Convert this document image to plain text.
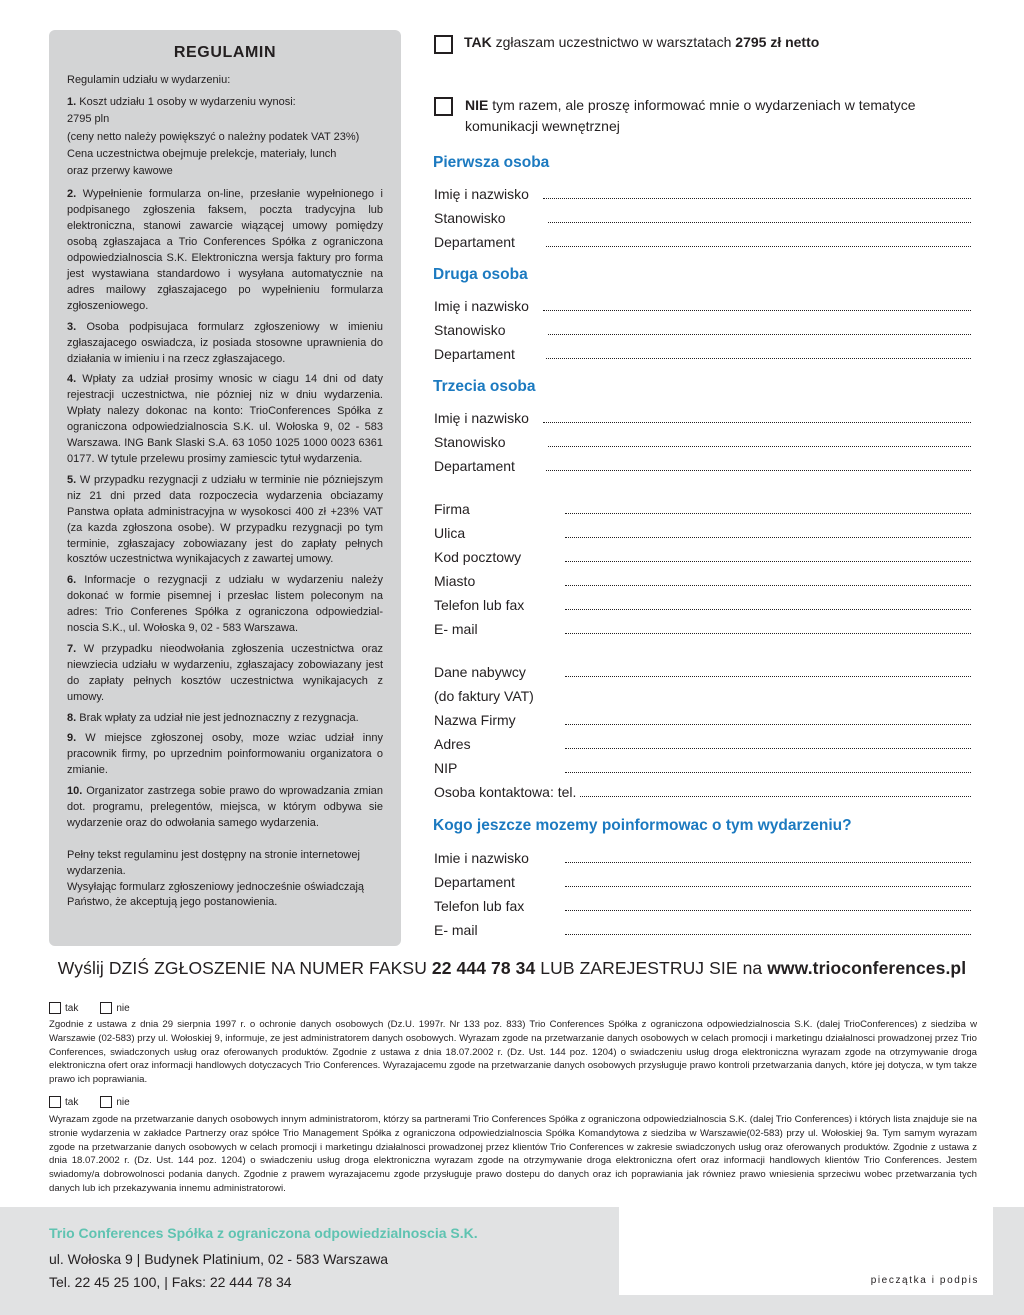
REGULAMIN
Regulamin udziału w wydarzeniu:
1. Koszt udziału 1 osoby w wydarzeniu wynosi:
2795 pln
(ceny netto należy powiększyć o należny podatek VAT 23%)
Cena uczestnictwa obejmuje prelekcje, materiały, lunch
oraz przerwy kawowe
2. Wypełnienie formularza on-line, przesłanie wypełnionego i podpisanego zgłoszenia faksem, poczta tradycyjna lub elektroniczna, stanowi zawarcie wiązącej umowy pomiędzy osobą zgłaszajaca a Trio Conferences Spółka z ograniczona odpowiedzialnoscia S.K. Elektroniczna wersja faktury pro forma jest wystawiana standardowo i wysyłana automatycznie na adres mailowy zgłaszajacego po wypełnieniu formularza zgłoszeniowego.
3. Osoba podpisujaca formularz zgłoszeniowy w imieniu zgłaszajacego oswiadcza, iz posiada stosowne uprawnienia do działania w imieniu i na rzecz zgłaszajacego.
4. Wpłaty za udział prosimy wnosic w ciagu 14 dni od daty rejestracji uczestnictwa, nie pózniej niz w dniu wydarzenia. Wpłaty nalezy dokonac na konto: TrioConferences Spółka z ograniczona odpowiedzialnoscia S.K. ul. Wołoska 9, 02 - 583 Warszawa. ING Bank Slaski S.A. 63 1050 1025 1000 0023 6361 0177. W tytule przelewu prosimy zamiescic tytuł wydarzenia.
5. W przypadku rezygnacji z udziału w terminie nie pózniejszym niz 21 dni przed data rozpoczecia wydarzenia obciazamy Panstwa opłata administracyjna w wysokosci 400 zł +23% VAT (za kazda zgłoszona osobe). W przypadku rezygnacji po tym terminie, zgłaszajacy zobowiazany jest do zapłaty pełnych kosztów uczestnictwa wynikajacych z zawartej umowy.
6. Informacje o rezygnacji z udziału w wydarzeniu należy dokonać w formie pisemnej i przesłac listem poleconym na adres: Trio Conferenes Spółka z ograniczona odpowiedzialnoscia S.K., ul. Wołoska 9, 02 - 583 Warszawa.
7. W przypadku nieodwołania zgłoszenia uczestnictwa oraz niewziecia udziału w wydarzeniu, zgłaszajacy zobowiazany jest do zapłaty pełnych kosztów uczestnictwa wynikajacych z umowy.
8. Brak wpłaty za udział nie jest jednoznaczny z rezygnacja.
9. W miejsce zgłoszonej osoby, moze wziac udział inny pracownik firmy, po uprzednim poinformowaniu organizatora o zmianie.
10. Organizator zastrzega sobie prawo do wprowadzania zmian dot. programu, prelegentów, miejsca, w którym odbywa sie wydarzenie oraz do odwołania samego wydarzenia.
Pełny tekst regulaminu jest dostępny na stronie internetowej
wydarzenia.
Wysyłając formularz zgłoszeniowy jednocześnie oświadczają
Państwo, że akceptują jego postanowienia.
TAK zgłaszam uczestnictwo w warsztatach 2795 zł netto
NIE tym razem, ale proszę informować mnie o wydarzeniach w tematyce
komunikacji wewnętrznej
Pierwsza osoba
Imię i nazwisko
Stanowisko
Departament
Druga osoba
Imię i nazwisko
Stanowisko
Departament
Trzecia osoba
Imię i nazwisko
Stanowisko
Departament
Firma
Ulica
Kod pocztowy
Miasto
Telefon lub fax
E- mail
Dane nabywcy
(do faktury VAT)
Nazwa Firmy
Adres
NIP
Osoba kontaktowa: tel.
Kogo jeszcze mozemy poinformowac o tym wydarzeniu?
Imie i nazwisko
Departament
Telefon lub fax
E- mail
Wyślij DZIŚ ZGŁOSZENIE NA NUMER FAKSU 22 444 78 34 LUB ZAREJESTRUJ SIE na www.trioconferences.pl
tak	nie
Zgodnie z ustawa z dnia 29 sierpnia 1997 r. o ochronie danych osobowych (Dz.U. 1997r. Nr 133 poz. 833) Trio Conferences Spółka z ograniczona odpowiedzialnoscia S.K. (dalej TrioConferences) z siedziba w Warszawie (02-583) przy ul. Wołoskiej 9, informuje, ze jest administratorem danych osobowych. Wyrazam zgode na przetwarzanie danych osobowych w celach promocji i marketingu działalnosci prowadzonej przez Trio Conferences, swiadczonych usług oraz oferowanych produktów. Zgodnie z ustawa z dnia 18.07.2002 r. (Dz. Ust. 144 poz. 1204) o swiadczeniu usług droga elektroniczna wyrazam zgode na otrzymywanie droga elektroniczna ofert oraz informacji handlowych dotyczacych Trio Conferences. Wyrazajacemu zgode na przetwarzanie danych osobowych przysługuje prawo kontroli przetwarzania danych, które jej dotycza, w tym takze prawo ich poprawiania.
tak	nie
Wyrazam zgode na przetwarzanie danych osobowych innym administratorom, którzy sa partnerami Trio Conferences Spółka z ograniczona odpowiedzialnoscia S.K. (dalej Trio Conferences) i których lista znajduje sie na stronie wydarzenia w zakładce Partnerzy oraz spółce Trio Management Spółka z ograniczona odpowiedzialnoscia Spółka Komandytowa z siedziba w Warszawie(02-583) przy ul. Wołoskiej 9a. Tym samym wyrazam zgode na przetwarzanie danych osobowych w celach promocji i marketingu działalnosci prowadzonej przez klientów Trio Conferences w zakresie swiadczonych usług oraz oferowanych produktów. Zgodnie z ustawa z dnia 18.07.2002 r. (Dz. Ust. 144 poz. 1204) o swiadczeniu usług droga elektroniczna wyrazam zgode na otrzymywanie droga elektroniczna ofert oraz informacji handlowych klientów Trio Conferences. Jestem swiadomy/a dobrowolnosci podania danych. Zgodnie z prawem wyrazajacemu zgode przysługuje prawo dostepu do danych oraz ich poprawiania jak równiez prawo wniesienia sprzeciwu wobec przetwarzania tych danych lub ich przekazywania innemu administratorowi.
Trio Conferences Spółka z ograniczona odpowiedzialnoscia S.K.
ul. Wołoska 9 | Budynek Platinium, 02 - 583 Warszawa
Tel. 22 45 25 100, | Faks: 22 444 78 34	pieczątka i podpis
